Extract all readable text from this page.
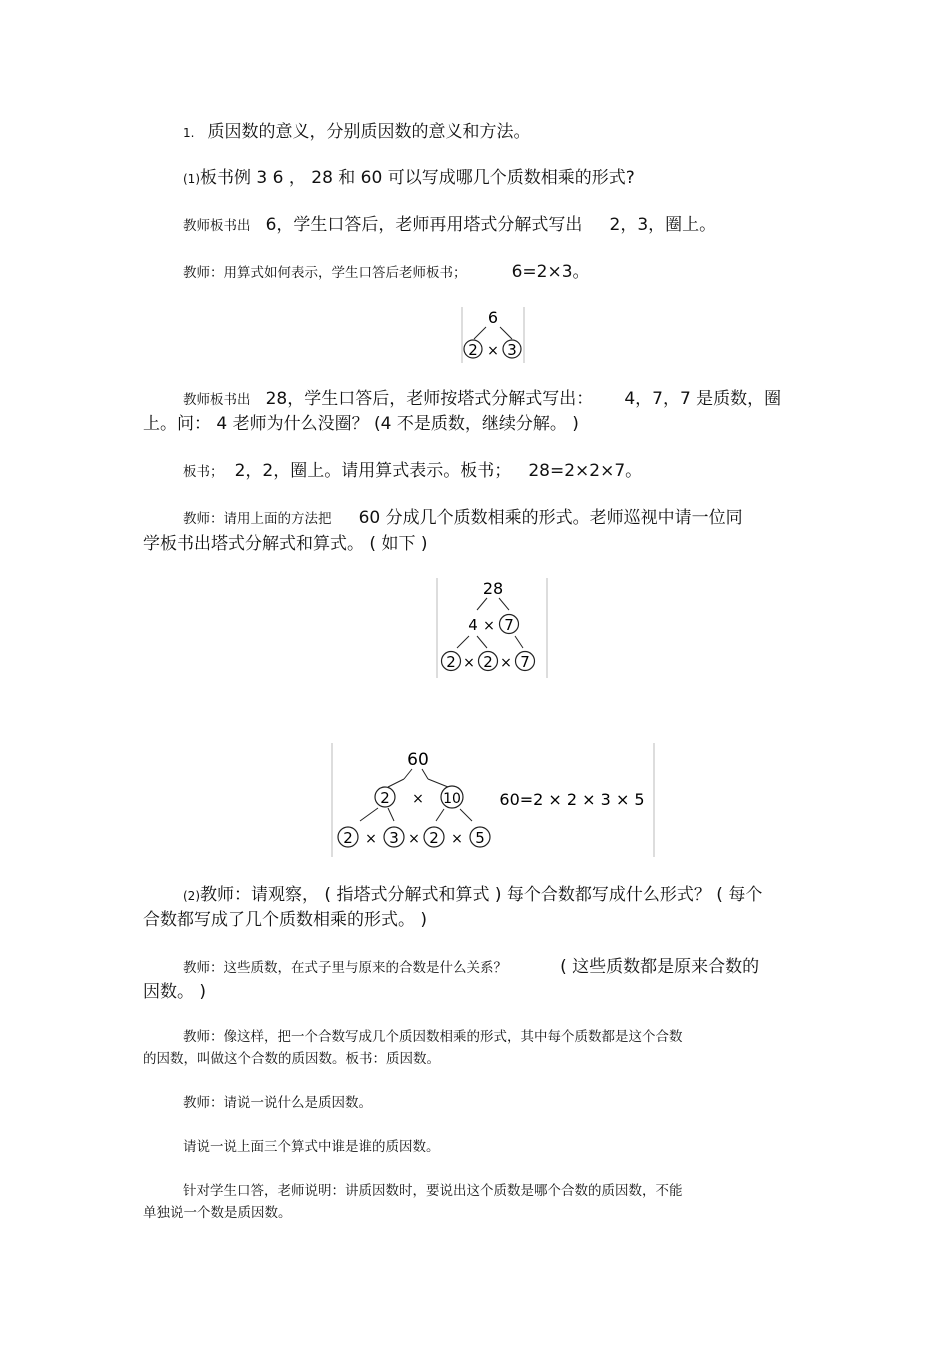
1. 质因数的意义，分别质因数的意义和方法。
(1)板书例 3 6 ， 28 和 60 可以写成哪几个质数相乘的形式?
教师板书出 6，学生口答后，老师再用塔式分解式写出 2，3，圈上。
教师：用算式如何表示，学生口答后老师板书；	6=2×3。
6
2 × 3
教师板书出 28，学生口答后，老师按塔式分解式写出： 4，7，7 是质数，圈
上。问： 4 老师为什么没圈？ (4 不是质数，继续分解。 )
板书； 2，2，圈上。请用算式表示。板书； 28=2×2×7。
教师：请用上面的方法把 60 分成几个质数相乘的形式。老师巡视中请一位同
学板书出塔式分解式和算式。 ( 如下 )
28
4 × 7
2 × 2 × 7
60
2 × 10 60=2 × 2 × 3 × 5
2 × 3 × 2 × 5
(2)教师：请观察， ( 指塔式分解式和算式 ) 每个合数都写成什么形式？ ( 每个
合数都写成了几个质数相乘的形式。 )
教师：这些质数，在式子里与原来的合数是什么关系？	( 这些质数都是原来合数的
因数。 )
教师：像这样，把一个合数写成几个质因数相乘的形式，其中每个质数都是这个合数
的因数，叫做这个合数的质因数。板书：质因数。
教师：请说一说什么是质因数。
请说一说上面三个算式中谁是谁的质因数。
针对学生口答，老师说明：讲质因数时，要说出这个质数是哪个合数的质因数，不能
单独说一个数是质因数。
